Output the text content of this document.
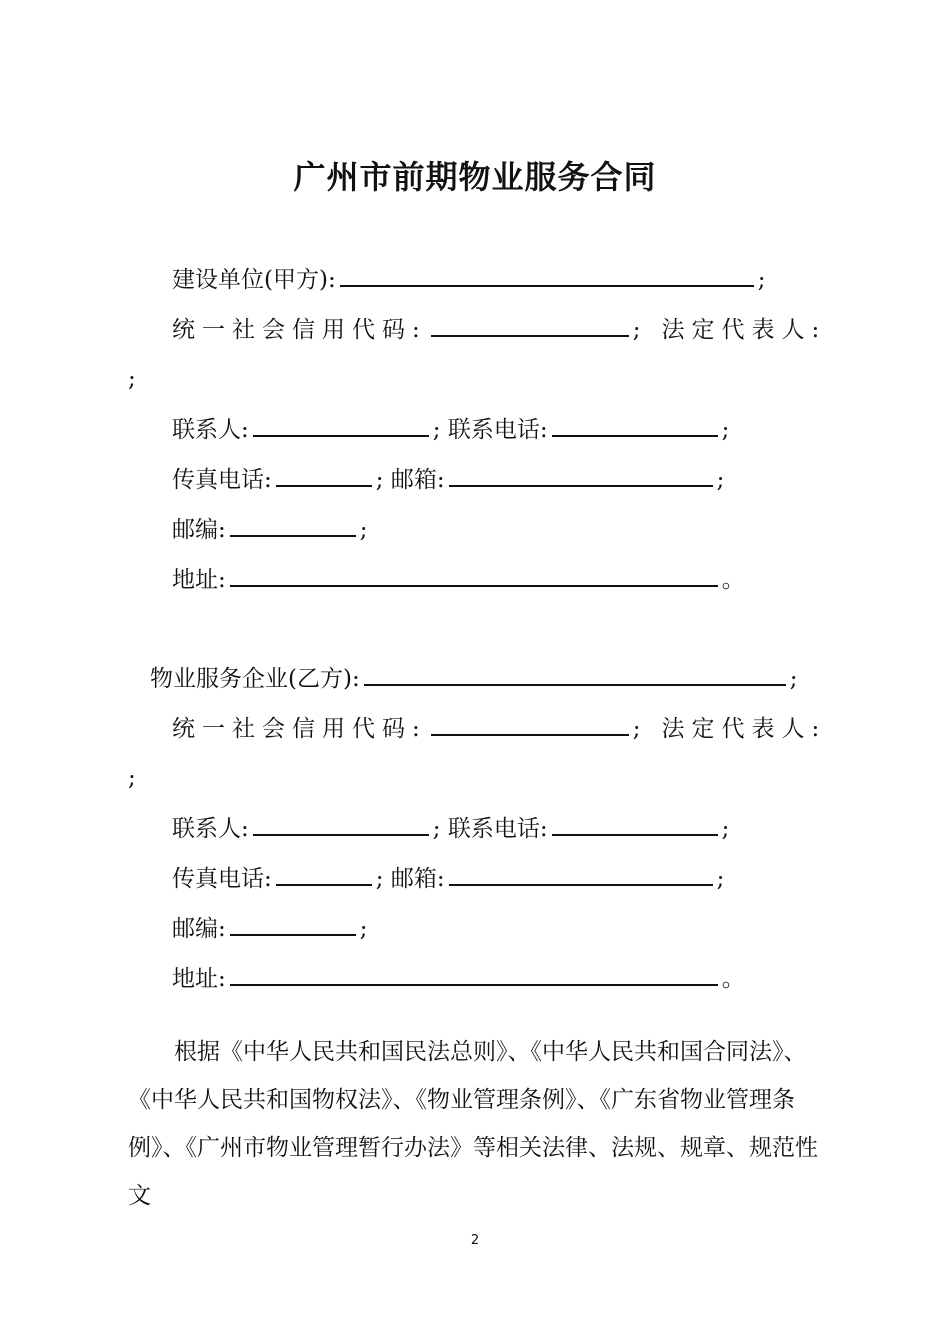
广州市前期物业服务合同
建设单位(甲方):	;
统一社会信用代码:	; 法定代表人:
;
联系人:	; 联系电话:	;
传真电话:	; 邮箱:	;
邮编:	;
地址:	。
物业服务企业(乙方):	;
统一社会信用代码:	; 法定代表人:
;
联系人:	; 联系电话:	;
传真电话:	; 邮箱:	;
邮编:	;
地址:	。
根据《中华人民共和国民法总则》、《中华人民共和国合同法》、《中华人民共和国物权法》、《物业管理条例》、《广东省物业管理条例》、《广州市物业管理暂行办法》等相关法律、法规、规章、规范性文
2
